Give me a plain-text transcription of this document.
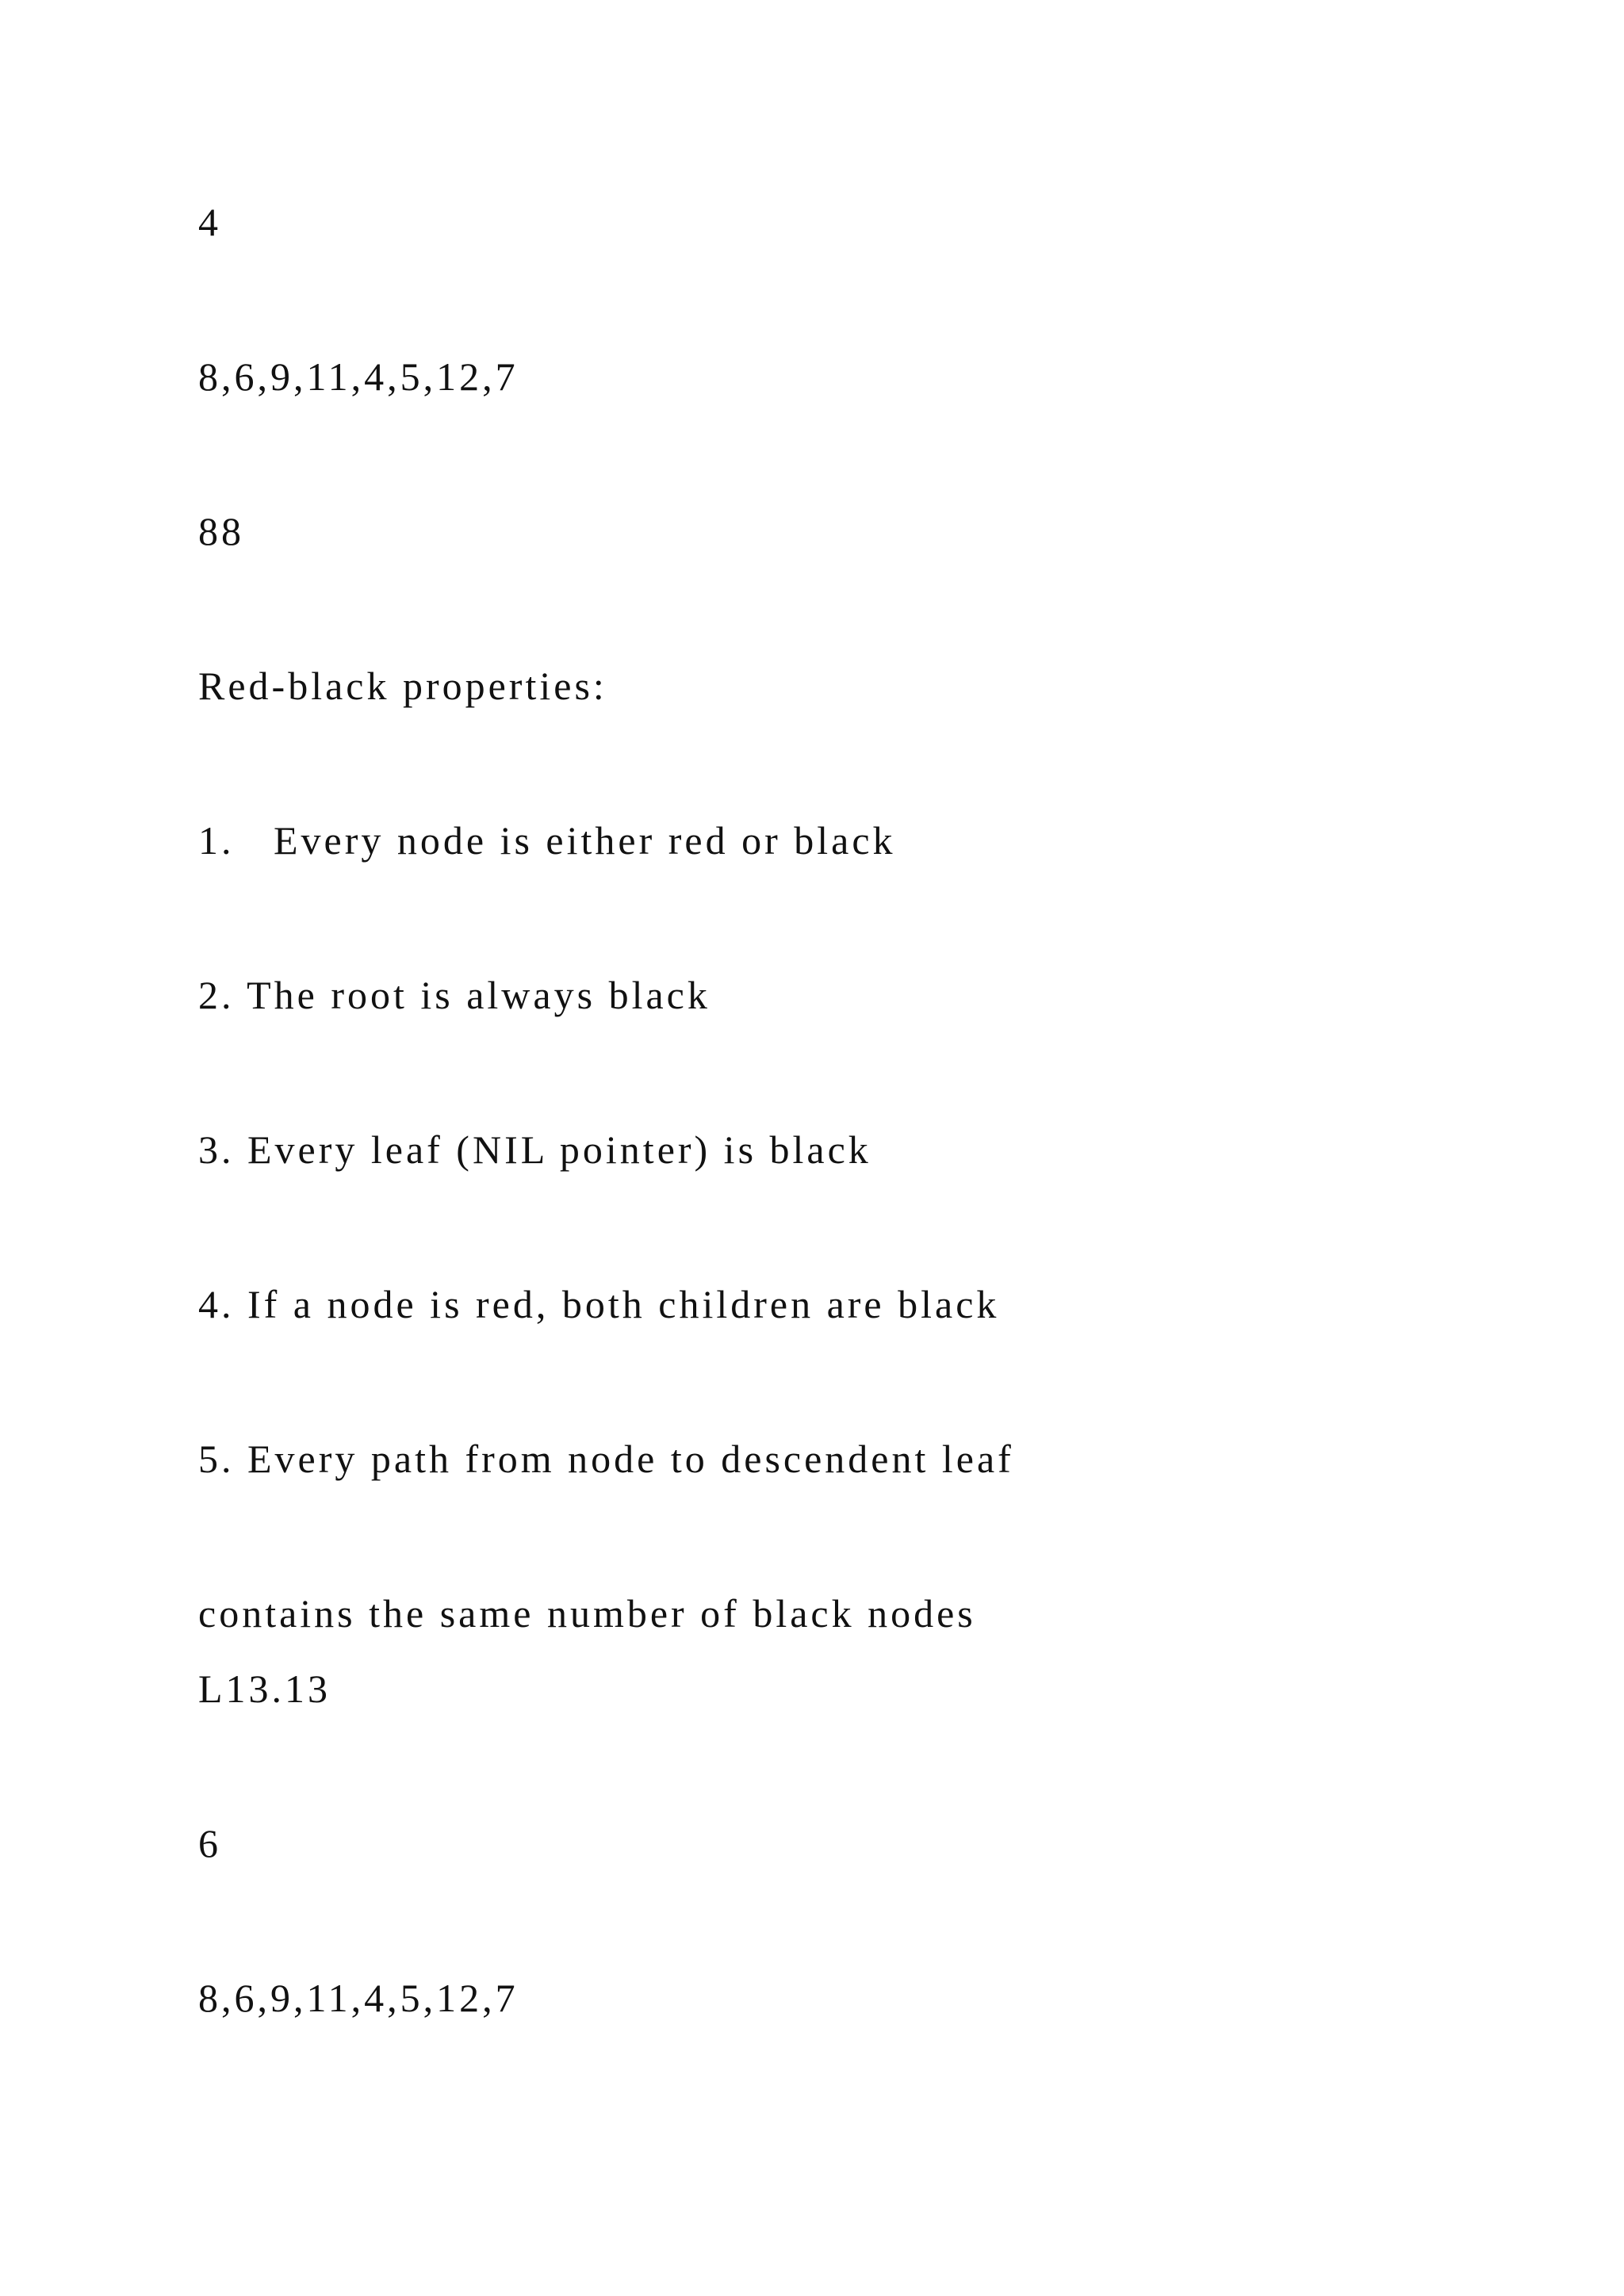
4
8,6,9,11,4,5,12,7
88
Red-black properties:
1.   Every node is either red or black
2. The root is always black
3. Every leaf (NIL pointer) is black
4. If a node is red, both children are black
5. Every path from node to descendent leaf
contains the same number of black nodes
L13.13
6
8,6,9,11,4,5,12,7
